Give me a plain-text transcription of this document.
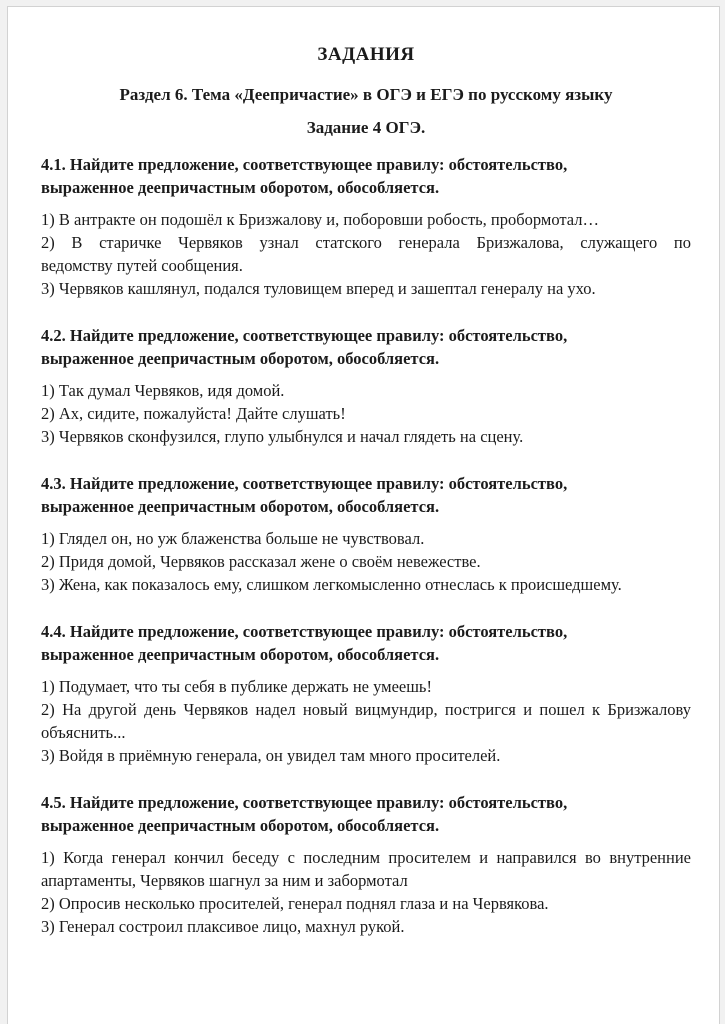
ЗАДАНИЯ
Раздел 6. Тема «Деепричастие» в ОГЭ и ЕГЭ по русскому языку
Задание 4 ОГЭ.
4.1. Найдите предложение, соответствующее правилу: обстоятельство,
выраженное деепричастным оборотом, обособляется.
1) В антракте он подошёл к Бризжалову и, поборовши робость, пробормотал…
2) В старичке Червяков узнал статского генерала Бризжалова, служащего по
ведомству путей сообщения.
3) Червяков кашлянул, подался туловищем вперед и зашептал генералу на ухо.
4.2. Найдите предложение, соответствующее правилу: обстоятельство,
выраженное деепричастным оборотом, обособляется.
1) Так думал Червяков, идя домой.
2) Ах, сидите, пожалуйста! Дайте слушать!
3) Червяков сконфузился, глупо улыбнулся и начал глядеть на сцену.
4.3. Найдите предложение, соответствующее правилу: обстоятельство,
выраженное деепричастным оборотом, обособляется.
1) Глядел он, но уж блаженства больше не чувствовал.
2) Придя домой, Червяков рассказал жене о своём невежестве.
3) Жена, как показалось ему, слишком легкомысленно отнеслась к происшедшему.
4.4. Найдите предложение, соответствующее правилу: обстоятельство,
выраженное деепричастным оборотом, обособляется.
1) Подумает, что ты себя в публике держать не умеешь!
2) На другой день Червяков надел новый вицмундир, постригся и пошел к Бризжалову
объяснить...
3) Войдя в приёмную генерала, он увидел там много просителей.
4.5. Найдите предложение, соответствующее правилу: обстоятельство,
выраженное деепричастным оборотом, обособляется.
1) Когда генерал кончил беседу с последним просителем и направился во внутренние
апартаменты, Червяков шагнул за ним и забормотал
2) Опросив несколько просителей, генерал поднял глаза и на Червякова.
3) Генерал состроил плаксивое лицо, махнул рукой.
